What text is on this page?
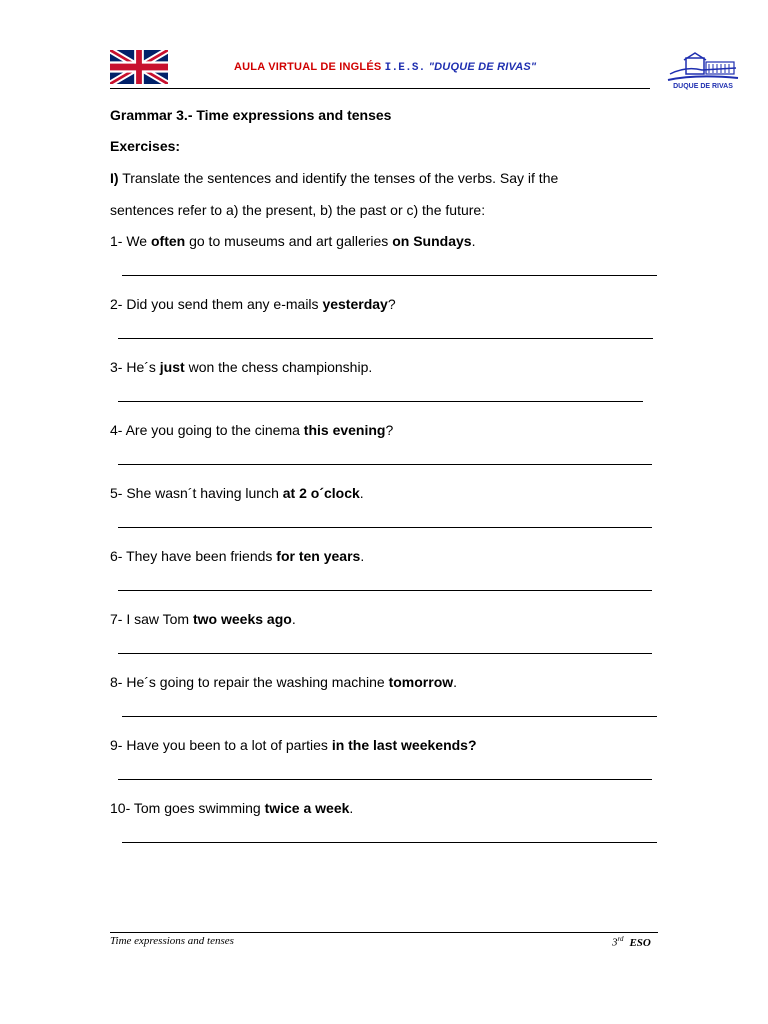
AULA VIRTUAL DE INGLÉS I.E.S. "DUQUE DE RIVAS"
DUQUE DE RIVAS
Grammar 3.- Time expressions and tenses
Exercises:
I) Translate the sentences and identify the tenses of the verbs. Say if the
sentences refer to a) the present, b) the past or c) the future:
1- We often go to museums and art galleries on Sundays.
2- Did you send them any e-mails yesterday?
3- He´s just won the chess championship.
4- Are you going to the cinema this evening?
5- She wasn´t having lunch at 2 o´clock.
6- They have been friends for ten years.
7- I saw Tom two weeks ago.
8- He´s going to repair the washing machine tomorrow.
9- Have you been to a lot of parties in the last weekends?
10- Tom goes swimming twice a week.
Time expressions and tenses	3rd ESO
